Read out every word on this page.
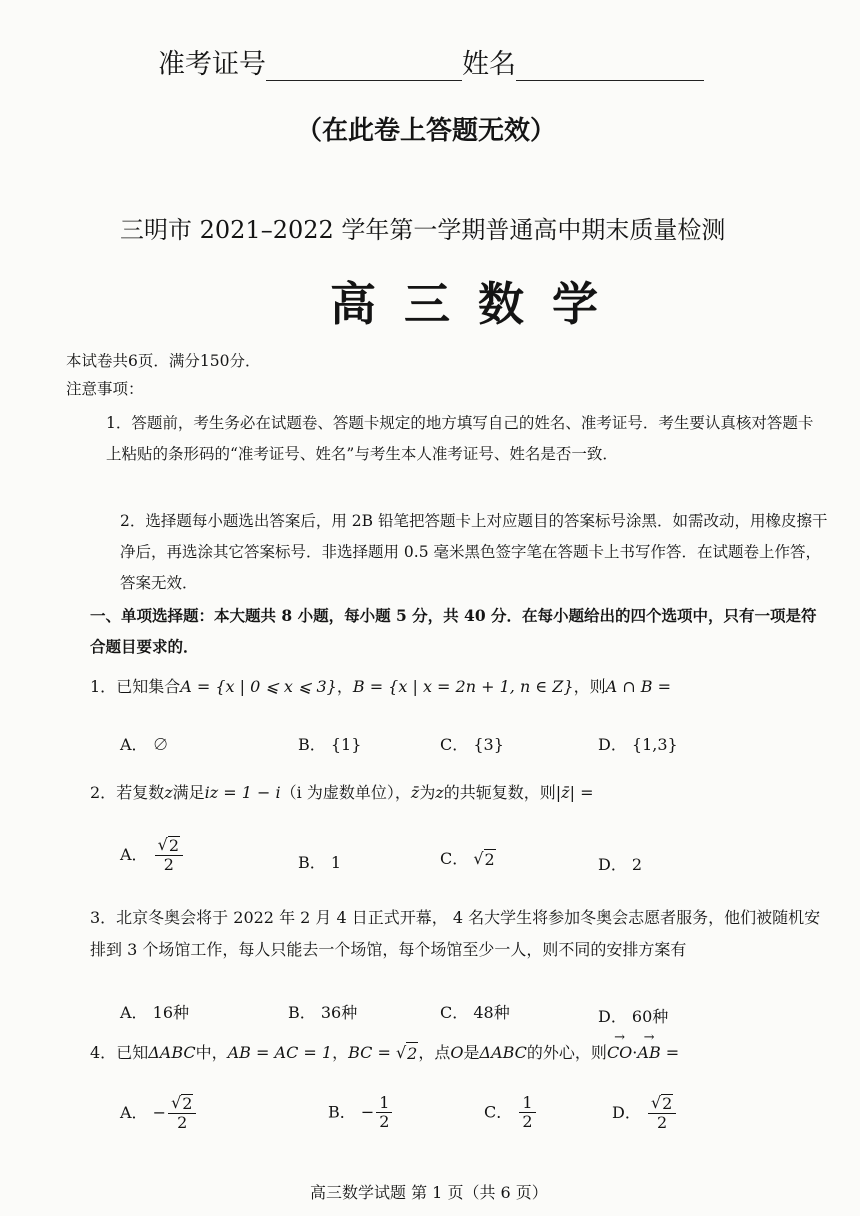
准考证号	姓名
（在此卷上答题无效）
三明市 2021–2022 学年第一学期普通高中期末质量检测
高三数学
本试卷共6页．满分150分．
注意事项：
1．答题前，考生务必在试题卷、答题卡规定的地方填写自己的姓名、准考证号．考生要认真核对答题卡上粘贴的条形码的“准考证号、姓名”与考生本人准考证号、姓名是否一致．
2．选择题每小题选出答案后，用 2B 铅笔把答题卡上对应题目的答案标号涂黑．如需改动，用橡皮擦干净后，再选涂其它答案标号．非选择题用 0.5 毫米黑色签字笔在答题卡上书写作答．在试题卷上作答，答案无效．
一、单项选择题：本大题共 8 小题，每小题 5 分，共 40 分．在每小题给出的四个选项中，只有一项是符合题目要求的．
1．已知集合A = {x | 0 ⩽ x ⩽ 3}，B = {x | x = 2n + 1, n ∈ Z}，则A ∩ B =
A． ∅	B． {1}	C． {3}	D． {1,3}
2．若复数z满足iz = 1 − i（i 为虚数单位），z̄为z的共轭复数，则|z̄| =
A． $\frac{√ 2}{2}$	B． 1	C． √ 2	D． 2
3．北京冬奥会将于 2022 年 2 月 4 日正式开幕， 4 名大学生将参加冬奥会志愿者服务，他们被随机安排到 3 个场馆工作，每人只能去一个场馆，每个场馆至少一人，则不同的安排方案有
A． 16种	B． 36种	C． 48种	D． 60种
4．已知ΔABC中，AB = AC = 1，BC = √ 2 ，点O是ΔABC的外心，则→ CO·→ AB =
A． − $\frac{√ 2}{2}$	B． − $\frac{1}{2}$	C． $\frac{1}{2}$	D． $\frac{√ 2}{2}$
高三数学试题 第 1 页（共 6 页）
